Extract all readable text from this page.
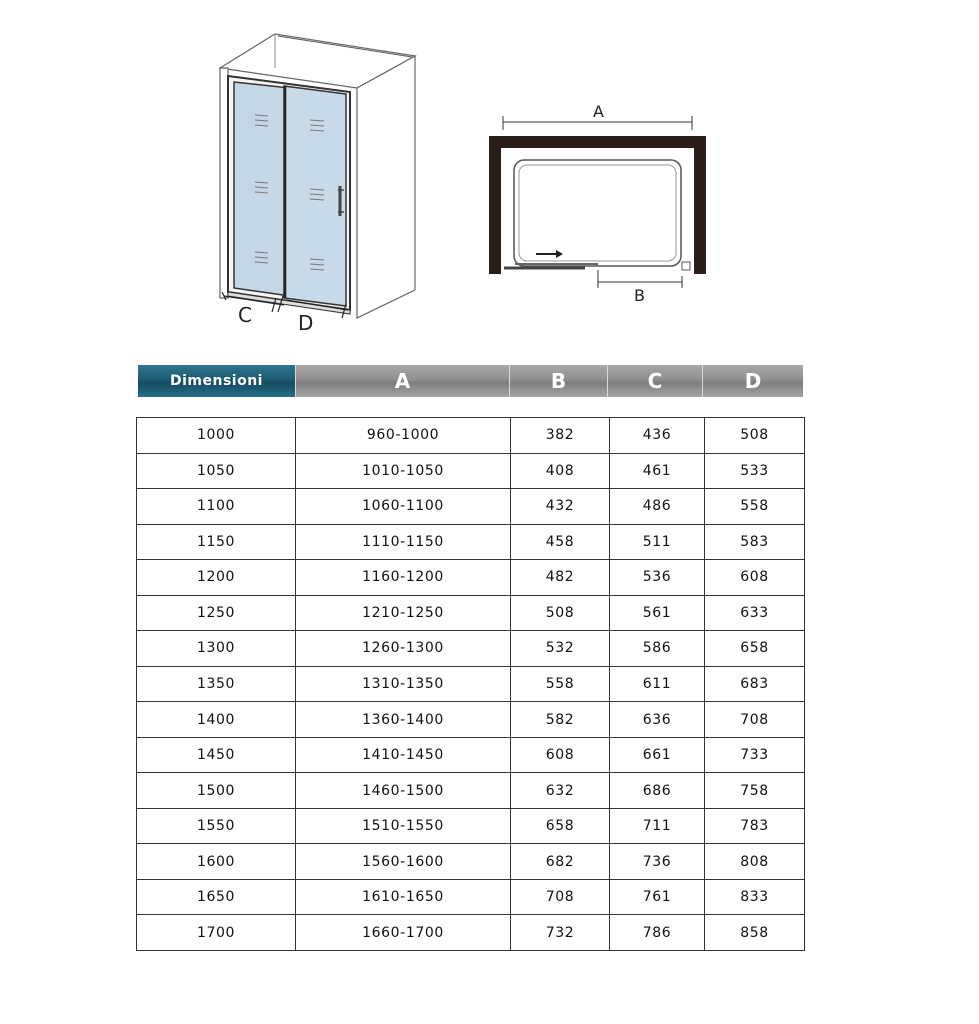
C D
A
B
Dimensioni	A	B	C	D
1000	960-1000	382	436	508
1050	1010-1050	408	461	533
1100	1060-1100	432	486	558
1150	1110-1150	458	511	583
1200	1160-1200	482	536	608
1250	1210-1250	508	561	633
1300	1260-1300	532	586	658
1350	1310-1350	558	611	683
1400	1360-1400	582	636	708
1450	1410-1450	608	661	733
1500	1460-1500	632	686	758
1550	1510-1550	658	711	783
1600	1560-1600	682	736	808
1650	1610-1650	708	761	833
1700	1660-1700	732	786	858
